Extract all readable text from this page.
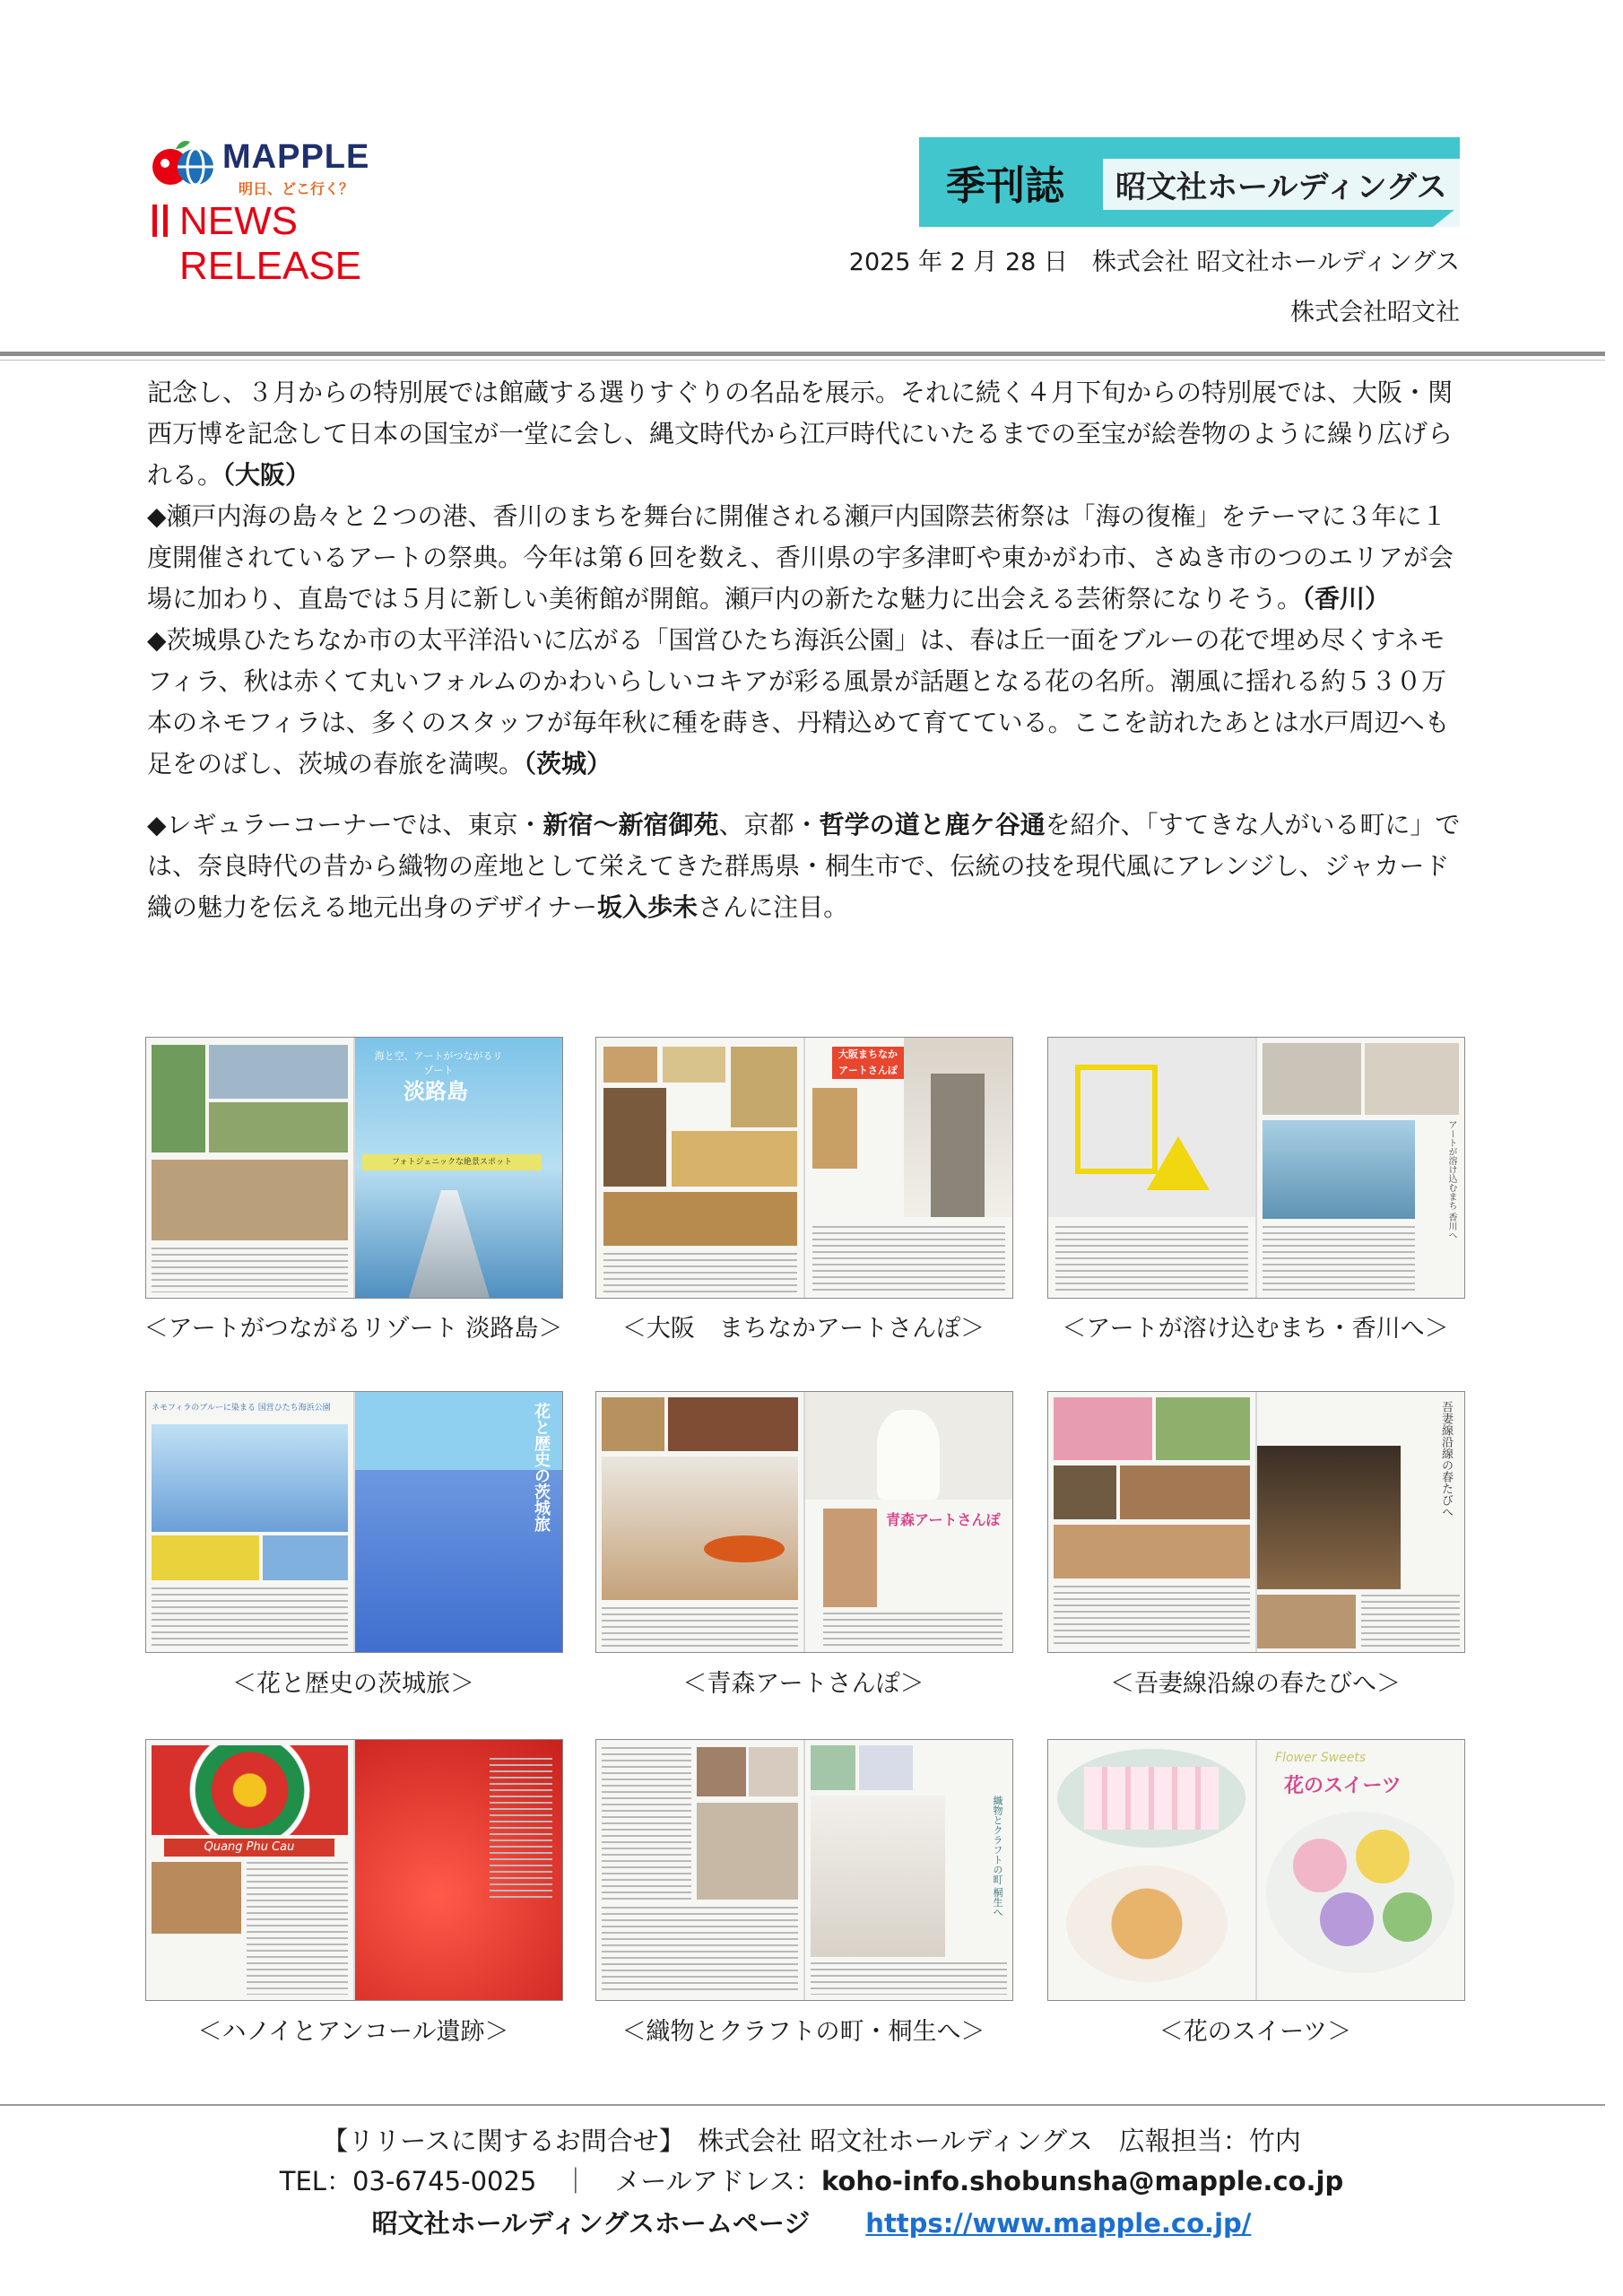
MAPPLE
明日、どこ行く？
NEWS RELEASE
季刊誌	昭文社ホールディングス
2025 年 2 月 28 日　株式会社 昭文社ホールディングス
株式会社昭文社

記念し、３月からの特別展では館蔵する選りすぐりの名品を展示。それに続く４月下旬からの特別展では、大阪・関西万博を記念して日本の国宝が一堂に会し、縄文時代から江戸時代にいたるまでの至宝が絵巻物のように繰り広げられる。（大阪）

◆瀬戸内海の島々と２つの港、香川のまちを舞台に開催される瀬戸内国際芸術祭は「海の復権」をテーマに３年に１度開催されているアートの祭典。今年は第６回を数え、香川県の宇多津町や東かがわ市、さぬき市のつのエリアが会場に加わり、直島では５月に新しい美術館が開館。瀬戸内の新たな魅力に出会える芸術祭になりそう。（香川）

◆茨城県ひたちなか市の太平洋沿いに広がる「国営ひたち海浜公園」は、春は丘一面をブルーの花で埋め尽くすネモフィラ、秋は赤くて丸いフォルムのかわいらしいコキアが彩る風景が話題となる花の名所。潮風に揺れる約５３０万本のネモフィラは、多くのスタッフが毎年秋に種を蒔き、丹精込めて育てている。ここを訪れたあとは水戸周辺へも足をのばし、茨城の春旅を満喫。（茨城）

◆レギュラーコーナーでは、東京・新宿〜新宿御苑、京都・哲学の道と鹿ケ谷通を紹介、「すてきな人がいる町に」では、奈良時代の昔から織物の産地として栄えてきた群馬県・桐生市で、伝統の技を現代風にアレンジし、ジャカード織の魅力を伝える地元出身のデザイナー坂入歩未さんに注目。

海と空、アートがつながるリゾート
淡路島
フォトジェニックな絶景スポット
＜アートがつながるリゾート 淡路島＞
大阪まちなか
アートさんぽ
＜大阪　まちなかアートさんぽ＞
アートが溶け込むまち 香川へ
＜アートが溶け込むまち・香川へ＞
ネモフィラのブルーに染まる 国営ひたち海浜公園	花と歴史の茨城旅
＜花と歴史の茨城旅＞
青森アートさんぽ
＜青森アートさんぽ＞
吾妻線沿線の春たびへ
＜吾妻線沿線の春たびへ＞
Quang Phu Cau
＜ハノイとアンコール遺跡＞
織物とクラフトの町 桐生へ
＜織物とクラフトの町・桐生へ＞
Flower Sweets
花のスイーツ
＜花のスイーツ＞
【リリースに関するお問合せ】　株式会社 昭文社ホールディングス　広報担当：竹内
TEL：03-6745-0025　｜　メールアドレス：koho-info.shobunsha@mapple.co.jp
昭文社ホールディングスホームページ https://www.mapple.co.jp/
